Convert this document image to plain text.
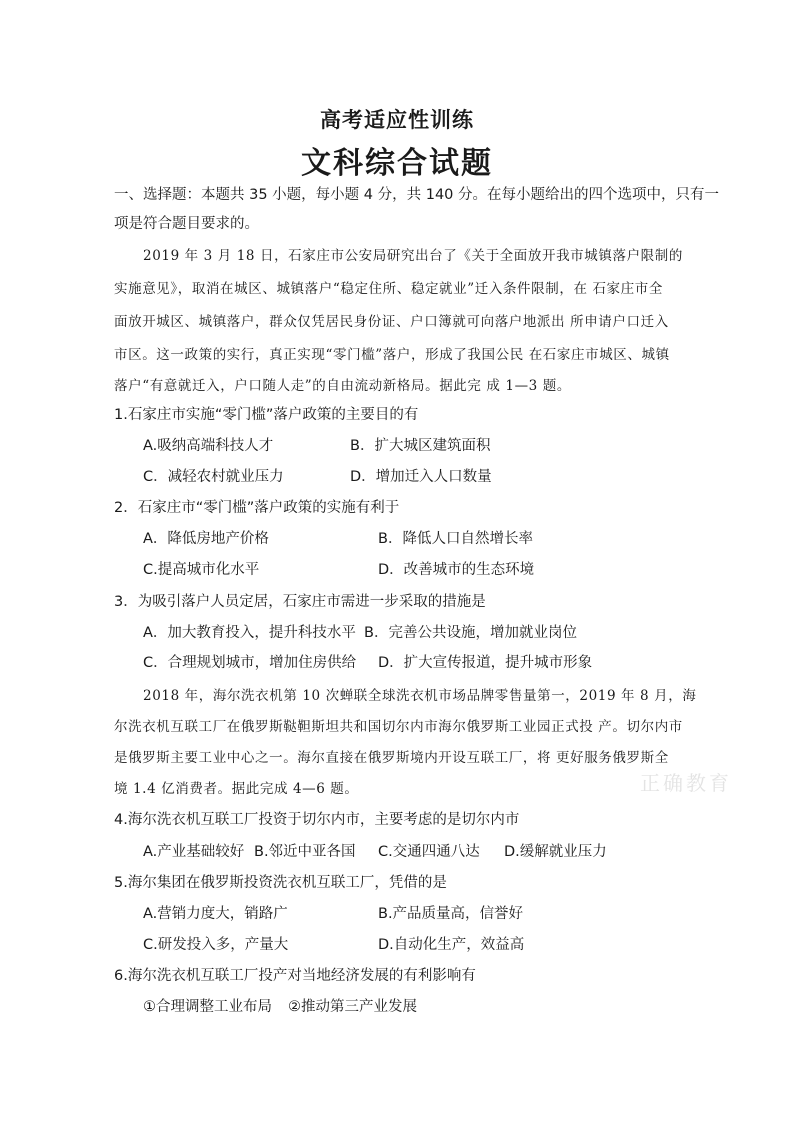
高考适应性训练
文科综合试题
一、选择题：本题共 35 小题，每小题 4 分，共 140 分。在每小题给出的四个选项中，只有一
项是符合题目要求的。
2019 年 3 月 18 日，石家庄市公安局研究出台了《关于全面放开我市城镇落户限制的
实施意见》，取消在城区、城镇落户“稳定住所、稳定就业”迁入条件限制，在 石家庄市全
面放开城区、城镇落户，群众仅凭居民身份证、户口簿就可向落户地派出 所申请户口迁入
市区。这一政策的实行，真正实现“零门槛”落户，形成了我国公民 在石家庄市城区、城镇
落户“有意就迁入，户口随人走”的自由流动新格局。据此完 成 1—3 题。
1.石家庄市实施“零门槛”落户政策的主要目的有
A.吸纳高端科技人才	B．扩大城区建筑面积
C．减轻农村就业压力	D．增加迁入人口数量
2．石家庄市“零门槛”落户政策的实施有利于
A．降低房地产价格	B．降低人口自然增长率
C.提高城市化水平	D．改善城市的生态环境
3．为吸引落户人员定居，石家庄市需进一步采取的措施是
A．加大教育投入，提升科技水平 B．完善公共设施，增加就业岗位
C．合理规划城市，增加住房供给 D．扩大宣传报道，提升城市形象
2018 年，海尔洗衣机第 10 次蝉联全球洗衣机市场品牌零售量第一，2019 年 8 月，海
尔洗衣机互联工厂在俄罗斯鞑靼斯坦共和国切尔内市海尔俄罗斯工业园正式投 产。切尔内市
是俄罗斯主要工业中心之一。海尔直接在俄罗斯境内开设互联工厂，将 更好服务俄罗斯全
境 1.4 亿消费者。据此完成 4—6 题。	正确教育
4.海尔洗衣机互联工厂投资于切尔内市，主要考虑的是切尔内市
A.产业基础较好 B.邻近中亚各国 C.交通四通八达 D.缓解就业压力
5.海尔集团在俄罗斯投资洗衣机互联工厂，凭借的是
A.营销力度大，销路广	B.产品质量高，信誉好
C.研发投入多，产量大	D.自动化生产，效益高
6.海尔洗衣机互联工厂投产对当地经济发展的有利影响有
①合理调整工业布局 ②推动第三产业发展
